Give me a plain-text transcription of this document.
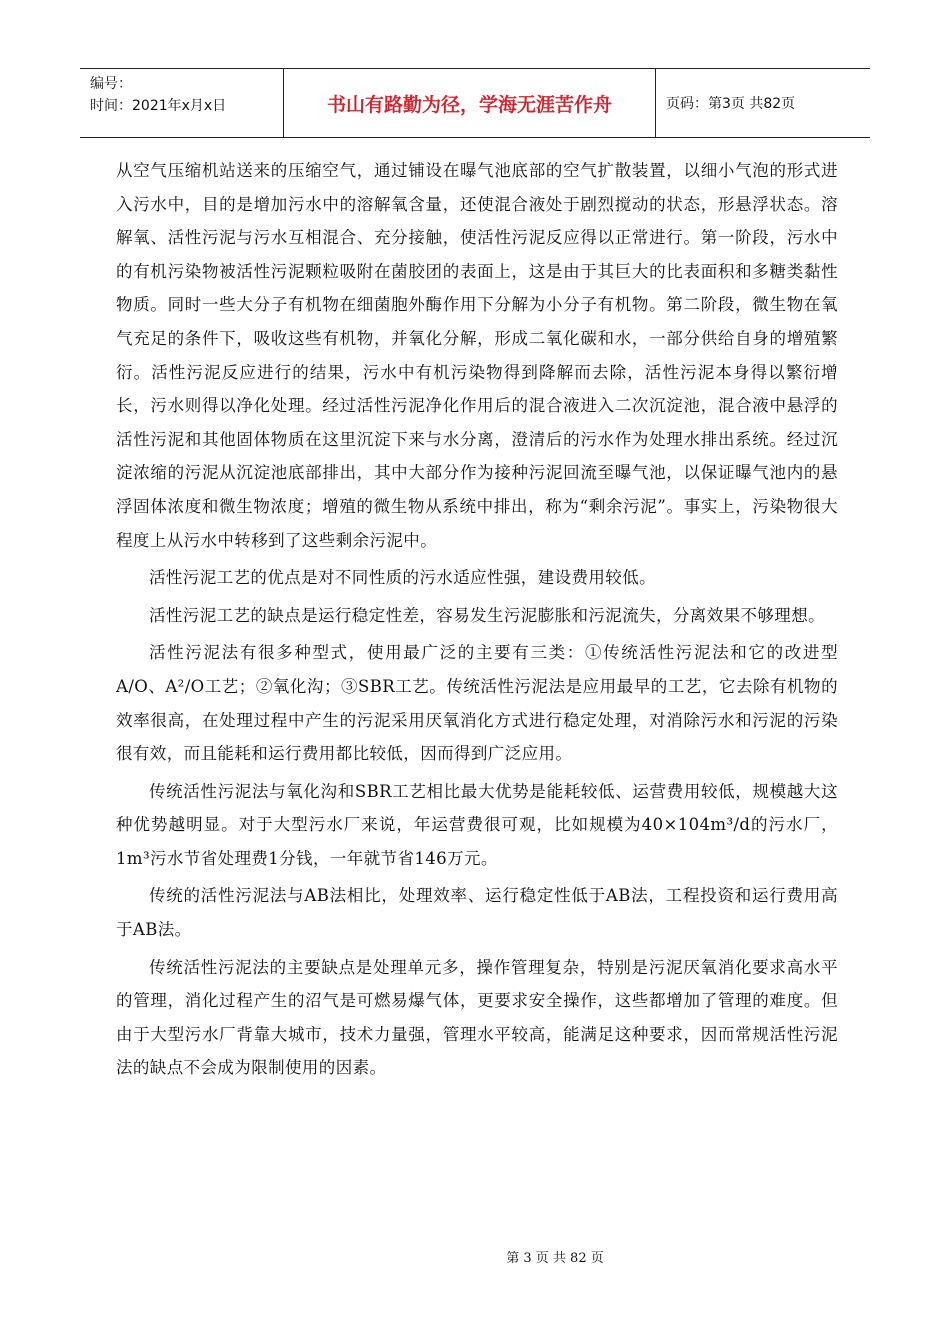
编号：
时间：2021年x月x日	书山有路勤为径，学海无涯苦作舟	页码：第3页 共82页

从空气压缩机站送来的压缩空气，通过铺设在曝气池底部的空气扩散装置，以细小气泡的形式进入污水中，目的是增加污水中的溶解氧含量，还使混合液处于剧烈搅动的状态，形悬浮状态。溶解氧、活性污泥与污水互相混合、充分接触，使活性污泥反应得以正常进行。第一阶段，污水中的有机污染物被活性污泥颗粒吸附在菌胶团的表面上，这是由于其巨大的比表面积和多糖类黏性物质。同时一些大分子有机物在细菌胞外酶作用下分解为小分子有机物。第二阶段，微生物在氧气充足的条件下，吸收这些有机物，并氧化分解，形成二氧化碳和水，一部分供给自身的增殖繁衍。活性污泥反应进行的结果，污水中有机污染物得到降解而去除，活性污泥本身得以繁衍增长，污水则得以净化处理。经过活性污泥净化作用后的混合液进入二次沉淀池，混合液中悬浮的活性污泥和其他固体物质在这里沉淀下来与水分离，澄清后的污水作为处理水排出系统。经过沉淀浓缩的污泥从沉淀池底部排出，其中大部分作为接种污泥回流至曝气池，以保证曝气池内的悬浮固体浓度和微生物浓度；增殖的微生物从系统中排出，称为“剩余污泥”。事实上，污染物很大程度上从污水中转移到了这些剩余污泥中。

活性污泥工艺的优点是对不同性质的污水适应性强，建设费用较低。

活性污泥工艺的缺点是运行稳定性差，容易发生污泥膨胀和污泥流失，分离效果不够理想。

活性污泥法有很多种型式，使用最广泛的主要有三类：①传统活性污泥法和它的改进型A/O、A²/O工艺；②氧化沟；③SBR工艺。传统活性污泥法是应用最早的工艺，它去除有机物的效率很高，在处理过程中产生的污泥采用厌氧消化方式进行稳定处理，对消除污水和污泥的污染很有效，而且能耗和运行费用都比较低，因而得到广泛应用。

传统活性污泥法与氧化沟和SBR工艺相比最大优势是能耗较低、运营费用较低，规模越大这种优势越明显。对于大型污水厂来说，年运营费很可观，比如规模为40×104m³/d的污水厂，1m³污水节省处理费1分钱，一年就节省146万元。

传统的活性污泥法与AB法相比，处理效率、运行稳定性低于AB法，工程投资和运行费用高于AB法。

传统活性污泥法的主要缺点是处理单元多，操作管理复杂，特别是污泥厌氧消化要求高水平的管理，消化过程产生的沼气是可燃易爆气体，更要求安全操作，这些都增加了管理的难度。但由于大型污水厂背靠大城市，技术力量强，管理水平较高，能满足这种要求，因而常规活性污泥法的缺点不会成为限制使用的因素。

第 3 页 共 82 页
